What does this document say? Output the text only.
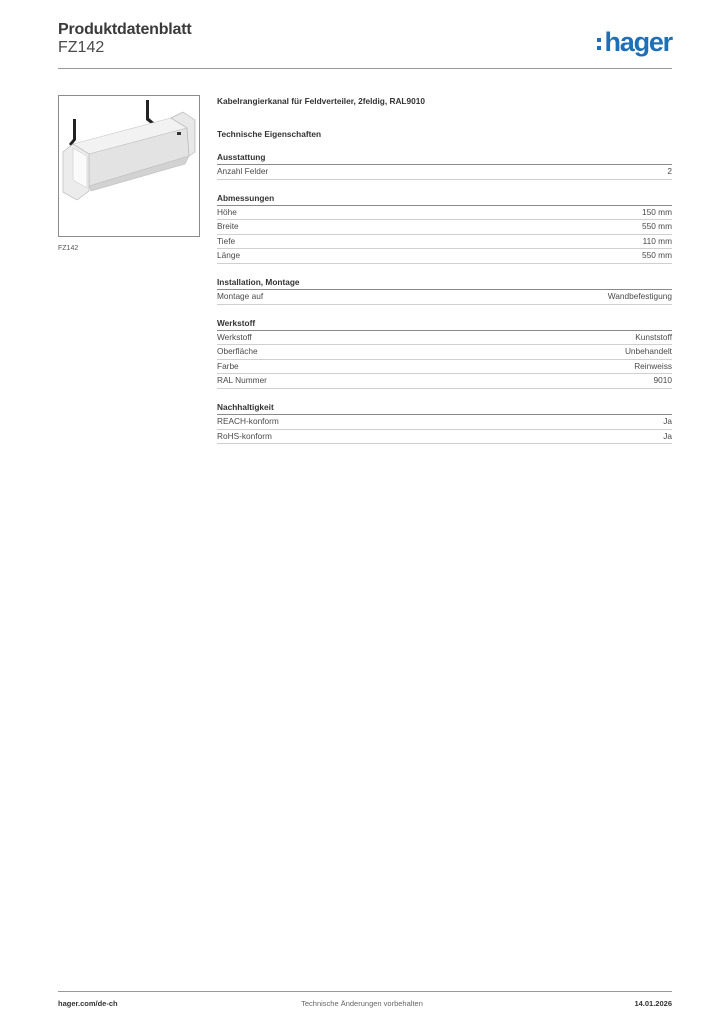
Produktdatenblatt
FZ142	hager
FZ142
Kabelrangierkanal für Feldverteiler, 2feldig, RAL9010
Technische Eigenschaften
Ausstattung
Anzahl Felder	2
Abmessungen
Höhe	150 mm
Breite	550 mm
Tiefe	110 mm
Länge	550 mm
Installation, Montage
Montage auf	Wandbefestigung
Werkstoff
Werkstoff	Kunststoff
Oberfläche	Unbehandelt
Farbe	Reinweiss
RAL Nummer	9010
Nachhaltigkeit
REACH-konform	Ja
RoHS-konform	Ja
hager.com/de-ch	Technische Änderungen vorbehalten	14.01.2026
